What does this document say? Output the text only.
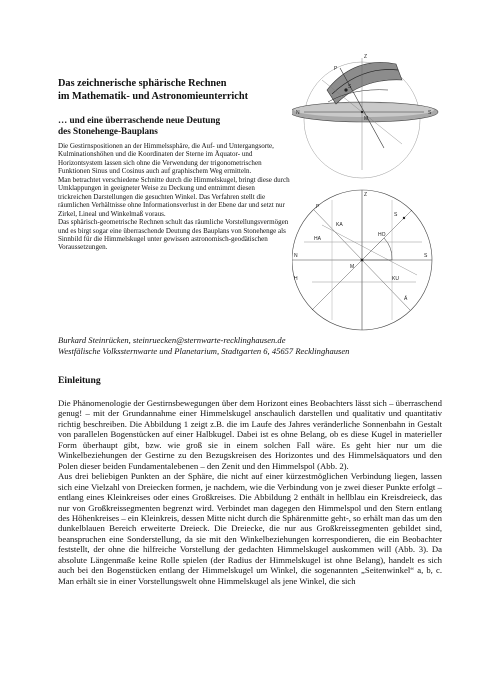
Das zeichnerische sphärische Rechnen
im Mathematik- und Astronomieunterricht
… und eine überraschende neue Deutung
des Stonehenge-Bauplans

Die Gestirnspositionen an der Himmelssphäre, die Auf- und Untergangsorte, Kulminationshöhen und die Koordinaten der Sterne im Äquator- und Horizontsystem lassen sich ohne die Verwendung der trigonometrischen Funktionen Sinus und Cosinus auch auf graphischem Weg ermitteln.

Man betrachtet verschiedene Schnitte durch die Himmelskugel, bringt diese durch Umklappungen in geeigneter Weise zu Deckung und entnimmt diesen trickreichen Darstellungen die gesuchten Winkel. Das Verfahren stellt die räumlichen Verhältnisse ohne Informationsverlust in der Ebene dar und setzt nur Zirkel, Lineal und Winkelmaß voraus.

Das sphärisch-geometrische Rechnen schult das räumliche Vorstellungsvermögen und es birgt sogar eine überraschende Deutung des Bauplans von Stonehenge als Sinnbild für die Himmelskugel unter gewissen astronomisch-geodätischen Voraussetzungen.

Z
P
S
N	S
M
Z
S
P
KA
HO
HA
KU
N	S
M
Ä
H
Burkard Steinrücken, steinruecken@sternwarte-recklinghausen.de
Westfälische Volkssternwarte und Planetarium, Stadtgarten 6, 45657 Recklinghausen
Einleitung

Die Phänomenologie der Gestirnsbewegungen über dem Horizont eines Beobachters lässt sich – überraschend genug! – mit der Grundannahme einer Himmelskugel anschaulich darstellen und qualitativ und quantitativ richtig beschreiben. Die Abbildung 1 zeigt z.B. die im Laufe des Jahres veränderliche Sonnenbahn in Gestalt von parallelen Bogenstücken auf einer Halbkugel. Dabei ist es ohne Belang, ob es diese Kugel in materieller Form überhaupt gibt, bzw. wie groß sie in einem solchen Fall wäre. Es geht hier nur um die Winkelbeziehungen der Gestirne zu den Bezugskreisen des Horizontes und des Himmelsäquators und den Polen dieser beiden Fundamentalebenen – den Zenit und den Himmelspol (Abb. 2).

Aus drei beliebigen Punkten an der Sphäre, die nicht auf einer kürzestmöglichen Verbindung liegen, lassen sich eine Vielzahl von Dreiecken formen, je nachdem, wie die Verbindung von je zwei dieser Punkte erfolgt – entlang eines Kleinkreises oder eines Großkreises. Die Abbildung 2 enthält in hellblau ein Kreisdreieck, das nur von Großkreissegmenten begrenzt wird. Verbindet man dagegen den Himmelspol und den Stern entlang des Höhenkreises – ein Kleinkreis, dessen Mitte nicht durch die Sphärenmitte geht-, so erhält man das um den dunkelblauen Bereich erweiterte Dreieck. Die Dreiecke, die nur aus Großkreissegmenten gebildet sind, beanspruchen eine Sonderstellung, da sie mit den Winkelbeziehungen korrespondieren, die ein Beobachter feststellt, der ohne die hilfreiche Vorstellung der gedachten Himmelskugel auskommen will (Abb. 3). Da absolute Längenmaße keine Rolle spielen (der Radius der Himmelskugel ist ohne Belang), handelt es sich auch bei den Bogenstücken entlang der Himmelskugel um Winkel, die sogenannten „Seitenwinkel“ a, b, c. Man erhält sie in einer Vorstellungswelt ohne Himmelskugel als jene Winkel, die sich
